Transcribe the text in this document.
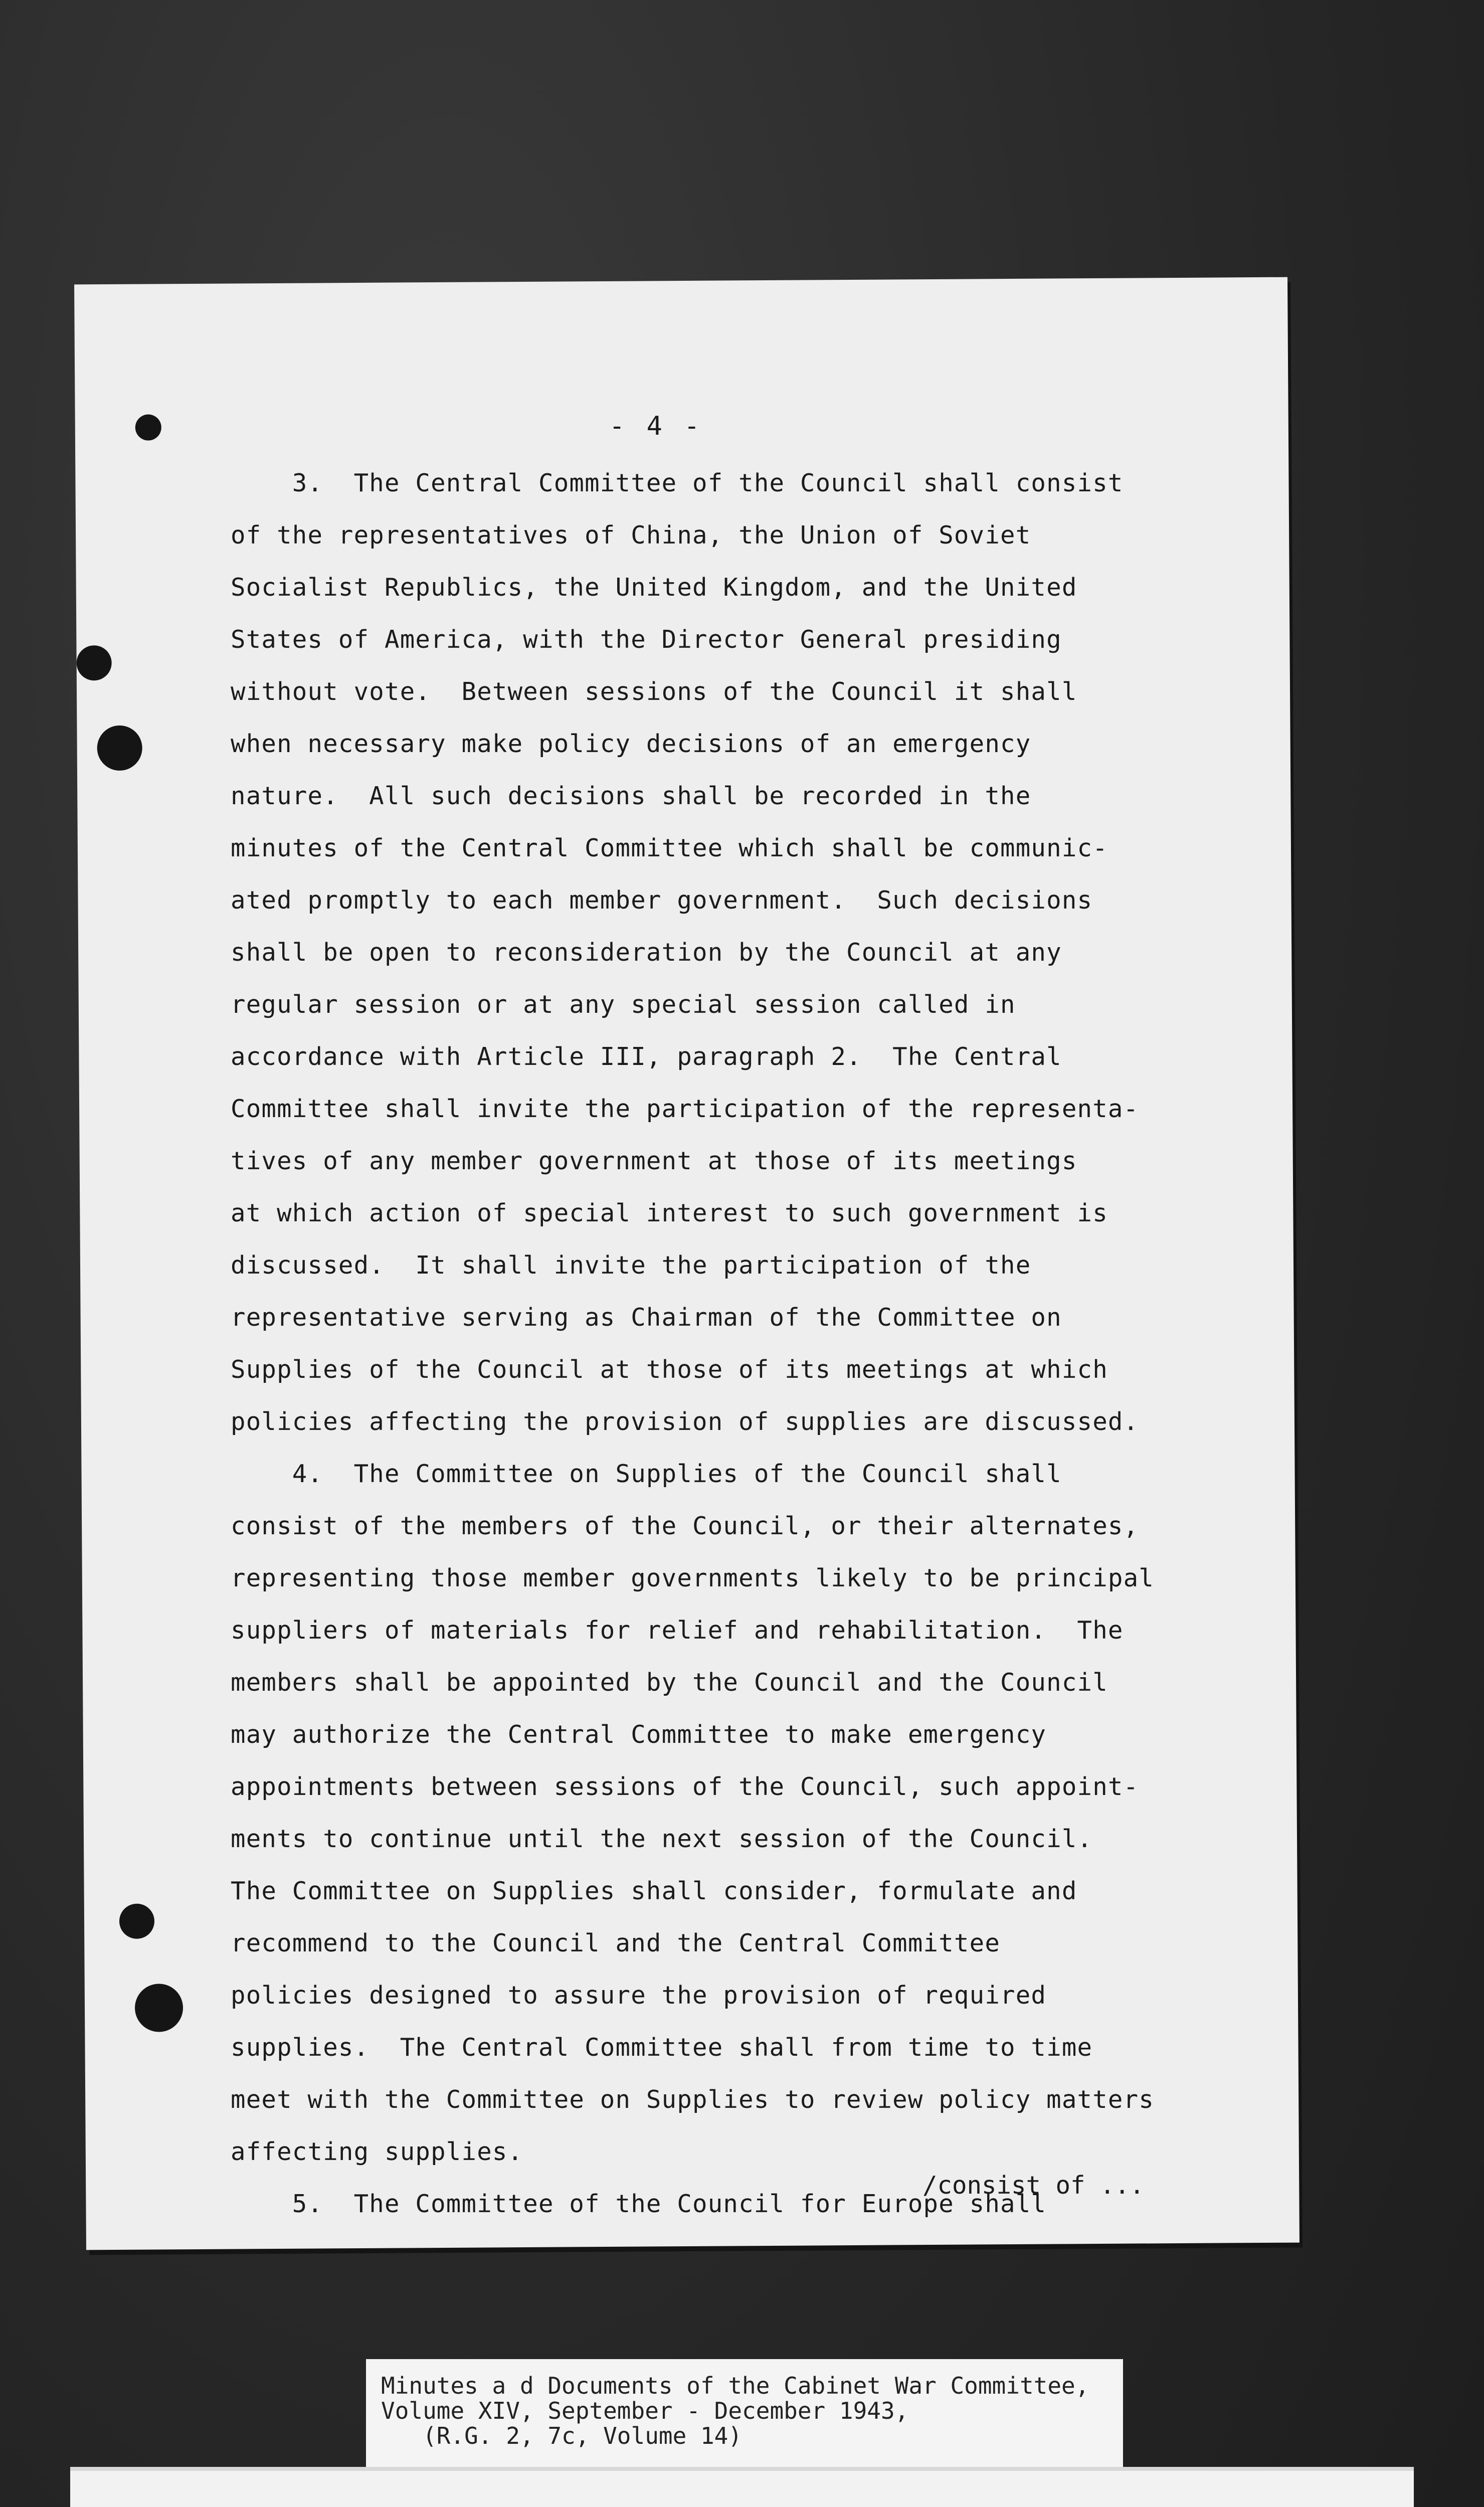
- 4 -
3.  The Central Committee of the Council shall consist
of the representatives of China, the Union of Soviet
Socialist Republics, the United Kingdom, and the United
States of America, with the Director General presiding
without vote.  Between sessions of the Council it shall
when necessary make policy decisions of an emergency
nature.  All such decisions shall be recorded in the
minutes of the Central Committee which shall be communic-
ated promptly to each member government.  Such decisions
shall be open to reconsideration by the Council at any
regular session or at any special session called in
accordance with Article III, paragraph 2.  The Central
Committee shall invite the participation of the representa-
tives of any member government at those of its meetings
at which action of special interest to such government is
discussed.  It shall invite the participation of the
representative serving as Chairman of the Committee on
Supplies of the Council at those of its meetings at which
policies affecting the provision of supplies are discussed.
4.  The Committee on Supplies of the Council shall
consist of the members of the Council, or their alternates,
representing those member governments likely to be principal
suppliers of materials for relief and rehabilitation.  The
members shall be appointed by the Council and the Council
may authorize the Central Committee to make emergency
appointments between sessions of the Council, such appoint-
ments to continue until the next session of the Council.
The Committee on Supplies shall consider, formulate and
recommend to the Council and the Central Committee
policies designed to assure the provision of required
supplies.  The Central Committee shall from time to time
meet with the Committee on Supplies to review policy matters
affecting supplies.
5.  The Committee of the Council for Europe shall
/consist of ...
Minutes a d Documents of the Cabinet War Committee,
Volume XIV, September - December 1943,
(R.G. 2, 7c, Volume 14)
